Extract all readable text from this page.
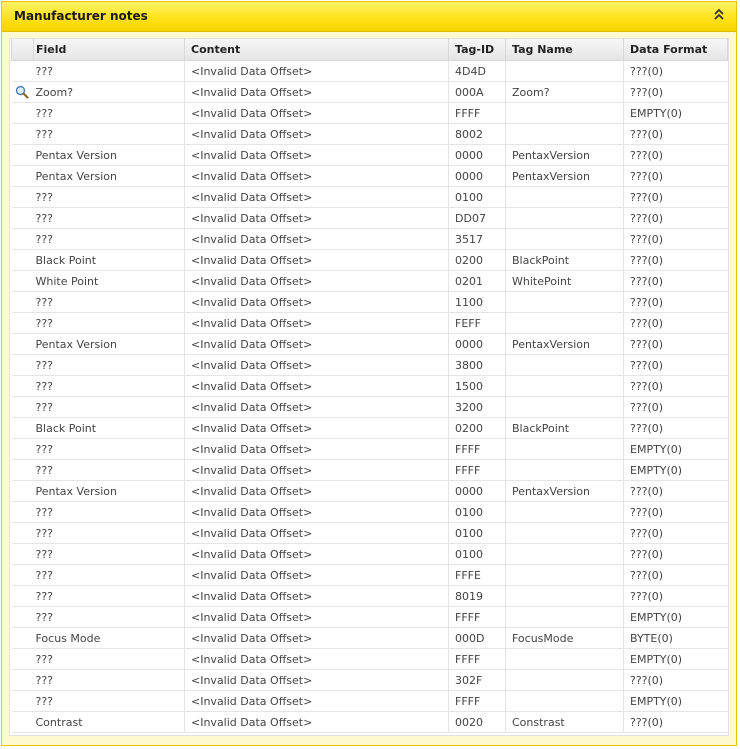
Manufacturer notes
	Field	Content	Tag-ID	Tag Name	Data Format
	???	<Invalid Data Offset>	4D4D		???(0)
	Zoom?	<Invalid Data Offset>	000A	Zoom?	???(0)
	???	<Invalid Data Offset>	FFFF		EMPTY(0)
	???	<Invalid Data Offset>	8002		???(0)
	Pentax Version	<Invalid Data Offset>	0000	PentaxVersion	???(0)
	Pentax Version	<Invalid Data Offset>	0000	PentaxVersion	???(0)
	???	<Invalid Data Offset>	0100		???(0)
	???	<Invalid Data Offset>	DD07		???(0)
	???	<Invalid Data Offset>	3517		???(0)
	Black Point	<Invalid Data Offset>	0200	BlackPoint	???(0)
	White Point	<Invalid Data Offset>	0201	WhitePoint	???(0)
	???	<Invalid Data Offset>	1100		???(0)
	???	<Invalid Data Offset>	FEFF		???(0)
	Pentax Version	<Invalid Data Offset>	0000	PentaxVersion	???(0)
	???	<Invalid Data Offset>	3800		???(0)
	???	<Invalid Data Offset>	1500		???(0)
	???	<Invalid Data Offset>	3200		???(0)
	Black Point	<Invalid Data Offset>	0200	BlackPoint	???(0)
	???	<Invalid Data Offset>	FFFF		EMPTY(0)
	???	<Invalid Data Offset>	FFFF		EMPTY(0)
	Pentax Version	<Invalid Data Offset>	0000	PentaxVersion	???(0)
	???	<Invalid Data Offset>	0100		???(0)
	???	<Invalid Data Offset>	0100		???(0)
	???	<Invalid Data Offset>	0100		???(0)
	???	<Invalid Data Offset>	FFFE		???(0)
	???	<Invalid Data Offset>	8019		???(0)
	???	<Invalid Data Offset>	FFFF		EMPTY(0)
	Focus Mode	<Invalid Data Offset>	000D	FocusMode	BYTE(0)
	???	<Invalid Data Offset>	FFFF		EMPTY(0)
	???	<Invalid Data Offset>	302F		???(0)
	???	<Invalid Data Offset>	FFFF		EMPTY(0)
	Contrast	<Invalid Data Offset>	0020	Constrast	???(0)
